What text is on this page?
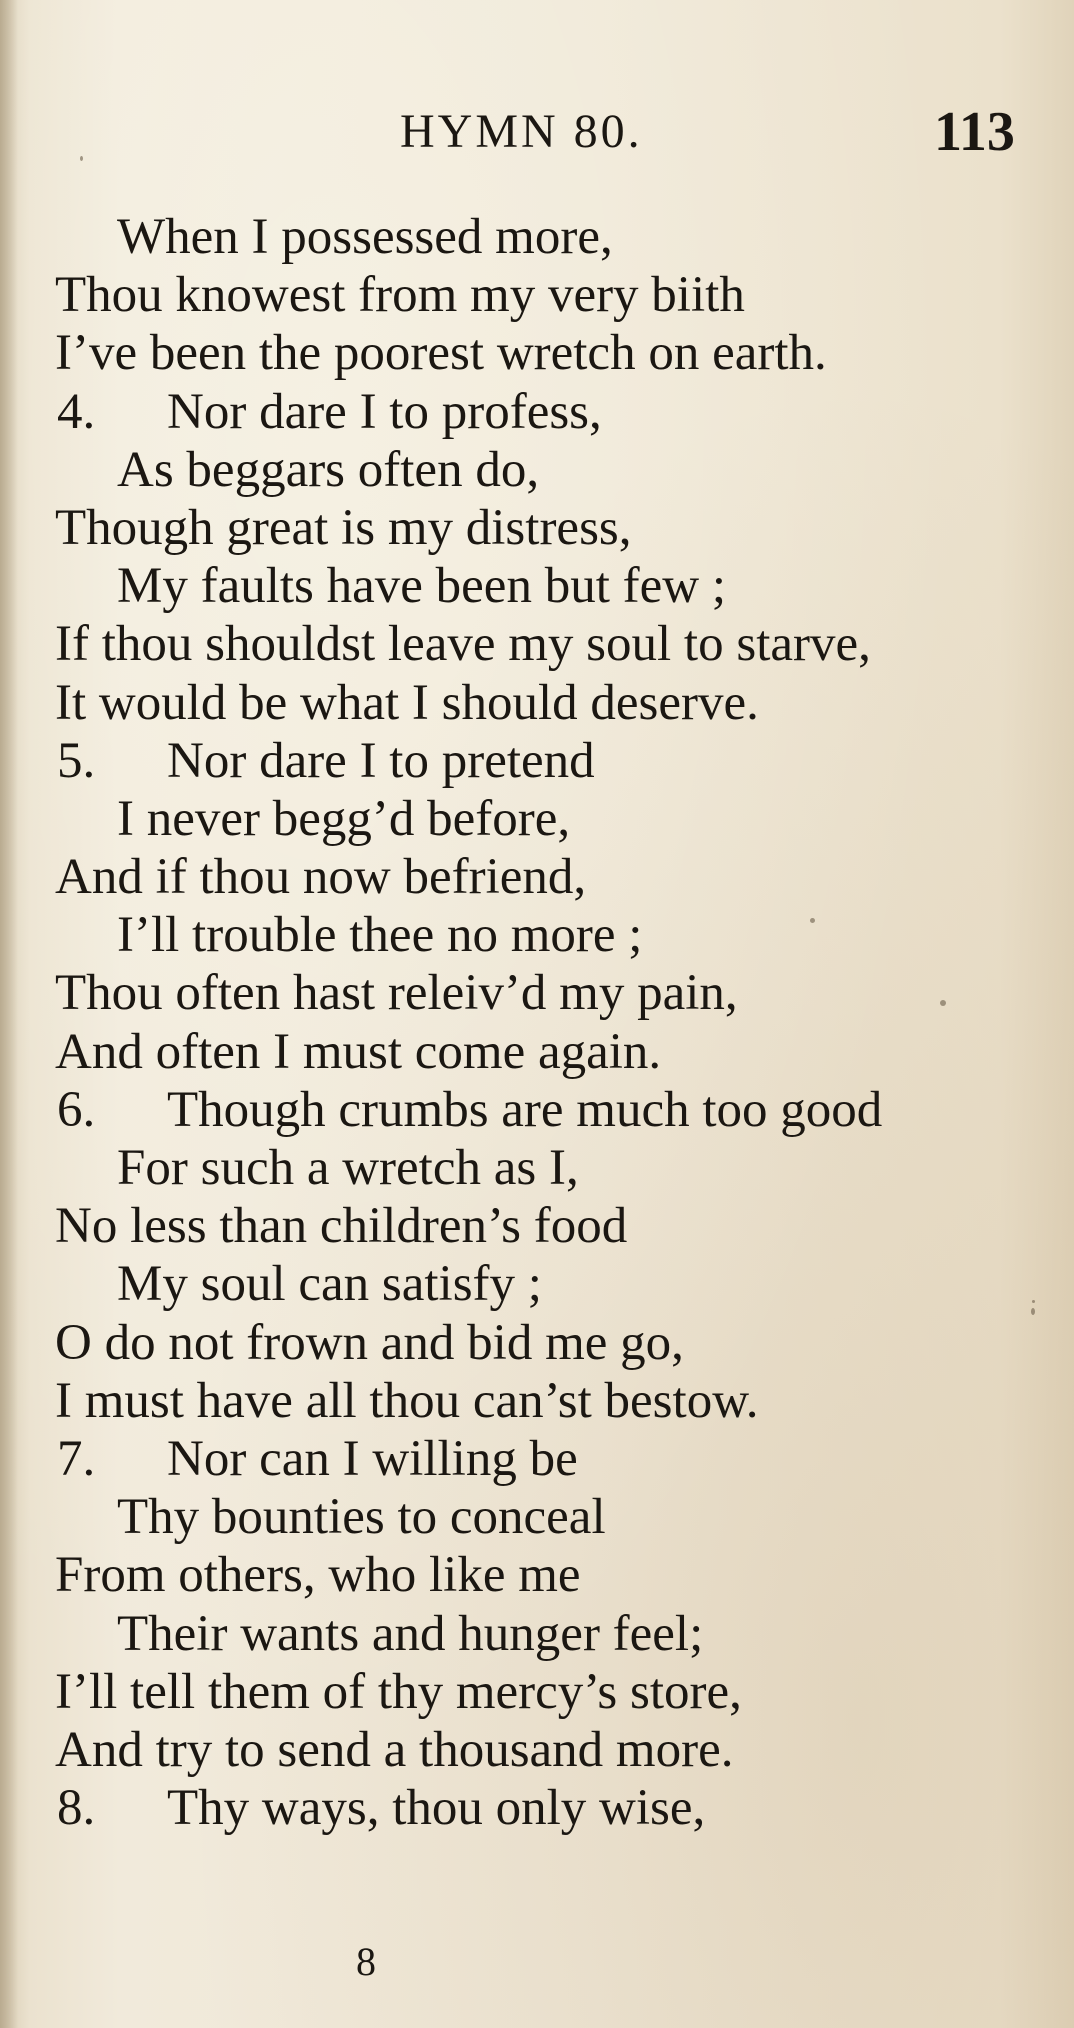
HYMN 80.	113
When I possessed more,
Thou knowest from my very biith
I’ve been the poorest wretch on earth.
4. Nor dare I to profess,
As beggars often do,
Though great is my distress,
My faults have been but few ;
If thou shouldst leave my soul to starve,
It would be what I should deserve.
5. Nor dare I to pretend
I never begg’d before,
And if thou now befriend,
I’ll trouble thee no more ;
Thou often hast releiv’d my pain,
And often I must come again.
6. Though crumbs are much too good
For such a wretch as I,
No less than children’s food
My soul can satisfy ;
O do not frown and bid me go,
I must have all thou can’st bestow.
7. Nor can I willing be
Thy bounties to conceal
From others, who like me
Their wants and hunger feel;
I’ll tell them of thy mercy’s store,
And try to send a thousand more.
8. Thy ways, thou only wise,
8
